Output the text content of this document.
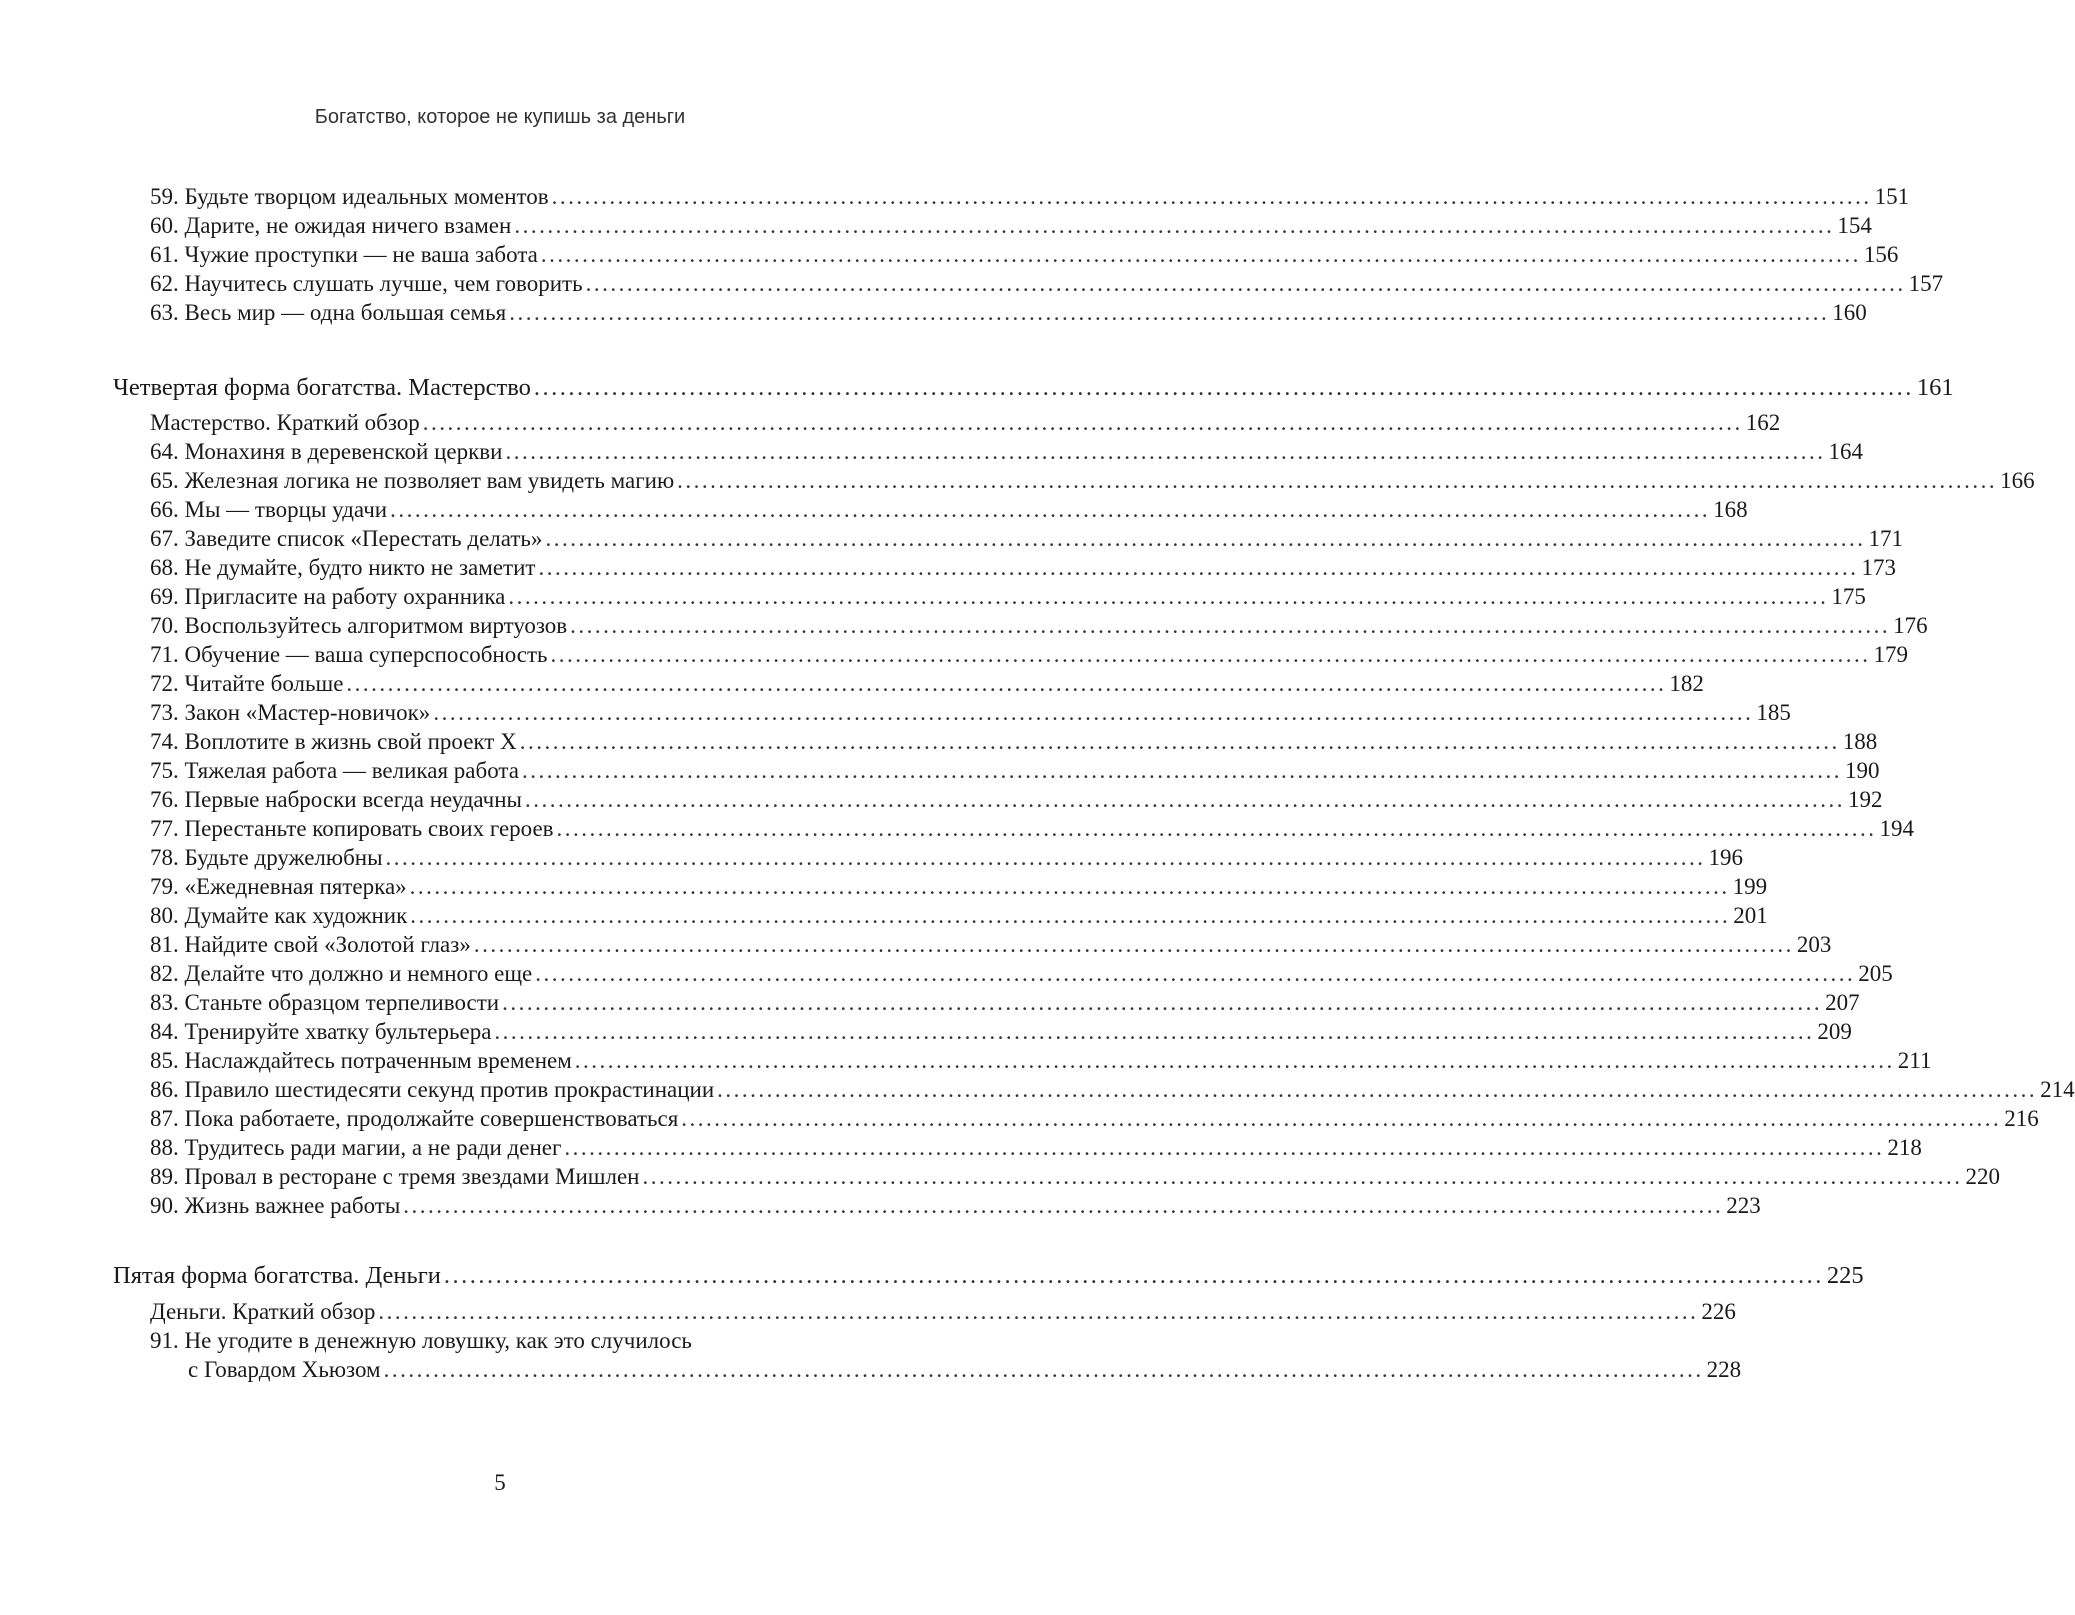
Богатство, которое не купишь за деньги
59. Будьте творцом идеальных моментов ................................................................................................................................................................ 151
60. Дарите, не ожидая ничего взамен ................................................................................................................................................................ 154
61. Чужие проступки — не ваша забота ................................................................................................................................................................ 156
62. Научитесь слушать лучше, чем говорить ................................................................................................................................................................ 157
63. Весь мир — одна большая семья ................................................................................................................................................................ 160
Четвертая форма богатства. Мастерство ................................................................................................................................................................ 161
Мастерство. Краткий обзор ................................................................................................................................................................ 162
64. Монахиня в деревенской церкви ................................................................................................................................................................ 164
65. Железная логика не позволяет вам увидеть магию ................................................................................................................................................................ 166
66. Мы — творцы удачи ................................................................................................................................................................ 168
67. Заведите список «Перестать делать» ................................................................................................................................................................ 171
68. Не думайте, будто никто не заметит ................................................................................................................................................................ 173
69. Пригласите на работу охранника ................................................................................................................................................................ 175
70. Воспользуйтесь алгоритмом виртуозов ................................................................................................................................................................ 176
71. Обучение — ваша суперспособность ................................................................................................................................................................ 179
72. Читайте больше ................................................................................................................................................................ 182
73. Закон «Мастер-новичок» ................................................................................................................................................................ 185
74. Воплотите в жизнь свой проект X ................................................................................................................................................................ 188
75. Тяжелая работа — великая работа ................................................................................................................................................................ 190
76. Первые наброски всегда неудачны ................................................................................................................................................................ 192
77. Перестаньте копировать своих героев ................................................................................................................................................................ 194
78. Будьте дружелюбны ................................................................................................................................................................ 196
79. «Ежедневная пятерка» ................................................................................................................................................................ 199
80. Думайте как художник ................................................................................................................................................................ 201
81. Найдите свой «Золотой глаз» ................................................................................................................................................................ 203
82. Делайте что должно и немного еще ................................................................................................................................................................ 205
83. Станьте образцом терпеливости ................................................................................................................................................................ 207
84. Тренируйте хватку бультерьера ................................................................................................................................................................ 209
85. Наслаждайтесь потраченным временем ................................................................................................................................................................ 211
86. Правило шестидесяти секунд против прокрастинации ................................................................................................................................................................ 214
87. Пока работаете, продолжайте совершенствоваться ................................................................................................................................................................ 216
88. Трудитесь ради магии, а не ради денег ................................................................................................................................................................ 218
89. Провал в ресторане с тремя звездами Мишлен ................................................................................................................................................................ 220
90. Жизнь важнее работы ................................................................................................................................................................ 223
Пятая форма богатства. Деньги ................................................................................................................................................................ 225
Деньги. Краткий обзор ................................................................................................................................................................ 226
91. Не угодите в денежную ловушку, как это случилось
с Говардом Хьюзом ................................................................................................................................................................ 228
5
